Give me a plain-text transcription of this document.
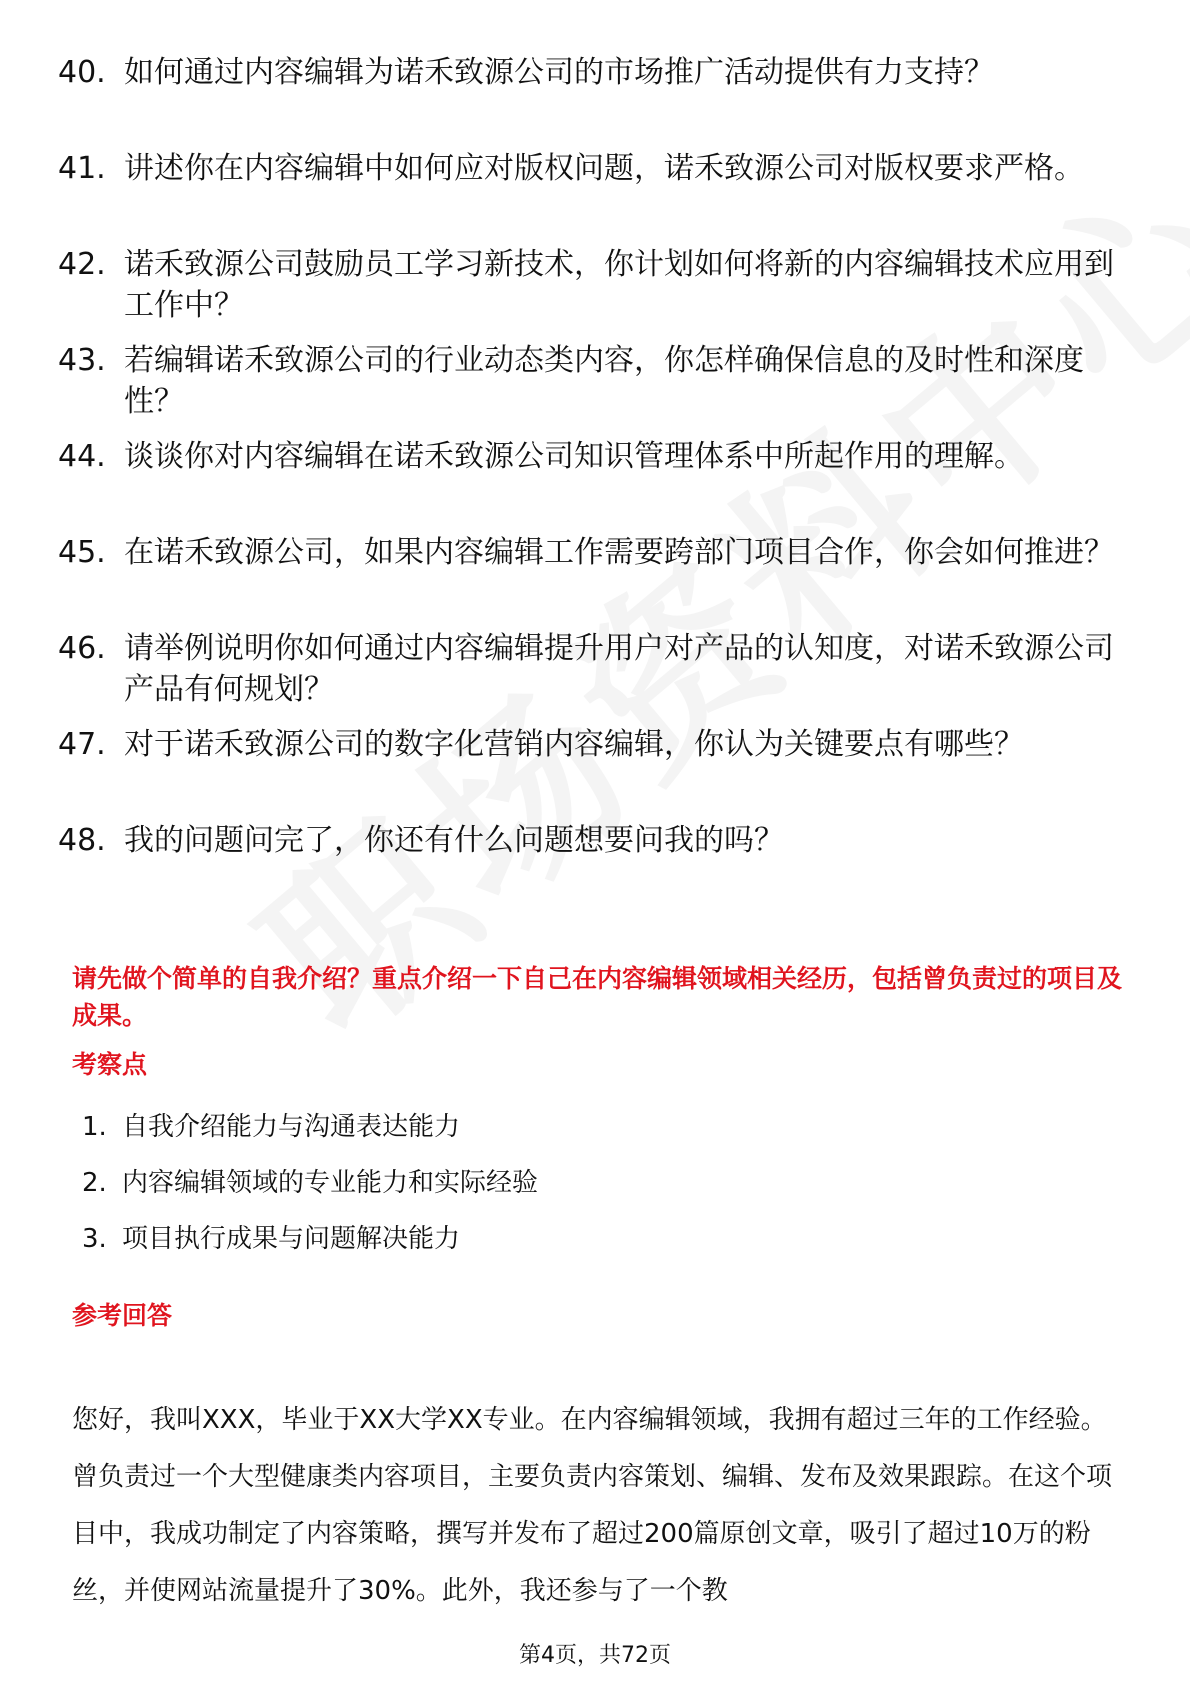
40. 如何通过内容编辑为诺禾致源公司的市场推广活动提供有力支持？
41. 讲述你在内容编辑中如何应对版权问题，诺禾致源公司对版权要求严格。
42. 诺禾致源公司鼓励员工学习新技术，你计划如何将新的内容编辑技术应用到工作中？
43. 若编辑诺禾致源公司的行业动态类内容，你怎样确保信息的及时性和深度性？
44. 谈谈你对内容编辑在诺禾致源公司知识管理体系中所起作用的理解。
45. 在诺禾致源公司，如果内容编辑工作需要跨部门项目合作，你会如何推进？
46. 请举例说明你如何通过内容编辑提升用户对产品的认知度，对诺禾致源公司产品有何规划？
47. 对于诺禾致源公司的数字化营销内容编辑，你认为关键要点有哪些？
48. 我的问题问完了，你还有什么问题想要问我的吗？
请先做个简单的自我介绍？重点介绍一下自己在内容编辑领域相关经历，包括曾负责过的项目及成果。
考察点
1. 自我介绍能力与沟通表达能力
2. 内容编辑领域的专业能力和实际经验
3. 项目执行成果与问题解决能力
参考回答
您好，我叫XXX，毕业于XX大学XX专业。在内容编辑领域，我拥有超过三年的工作经验。曾负责过一个大型健康类内容项目，主要负责内容策划、编辑、发布及效果跟踪。在这个项目中，我成功制定了内容策略，撰写并发布了超过200篇原创文章，吸引了超过10万的粉丝，并使网站流量提升了30%。此外，我还参与了一个教
第4页，共72页
